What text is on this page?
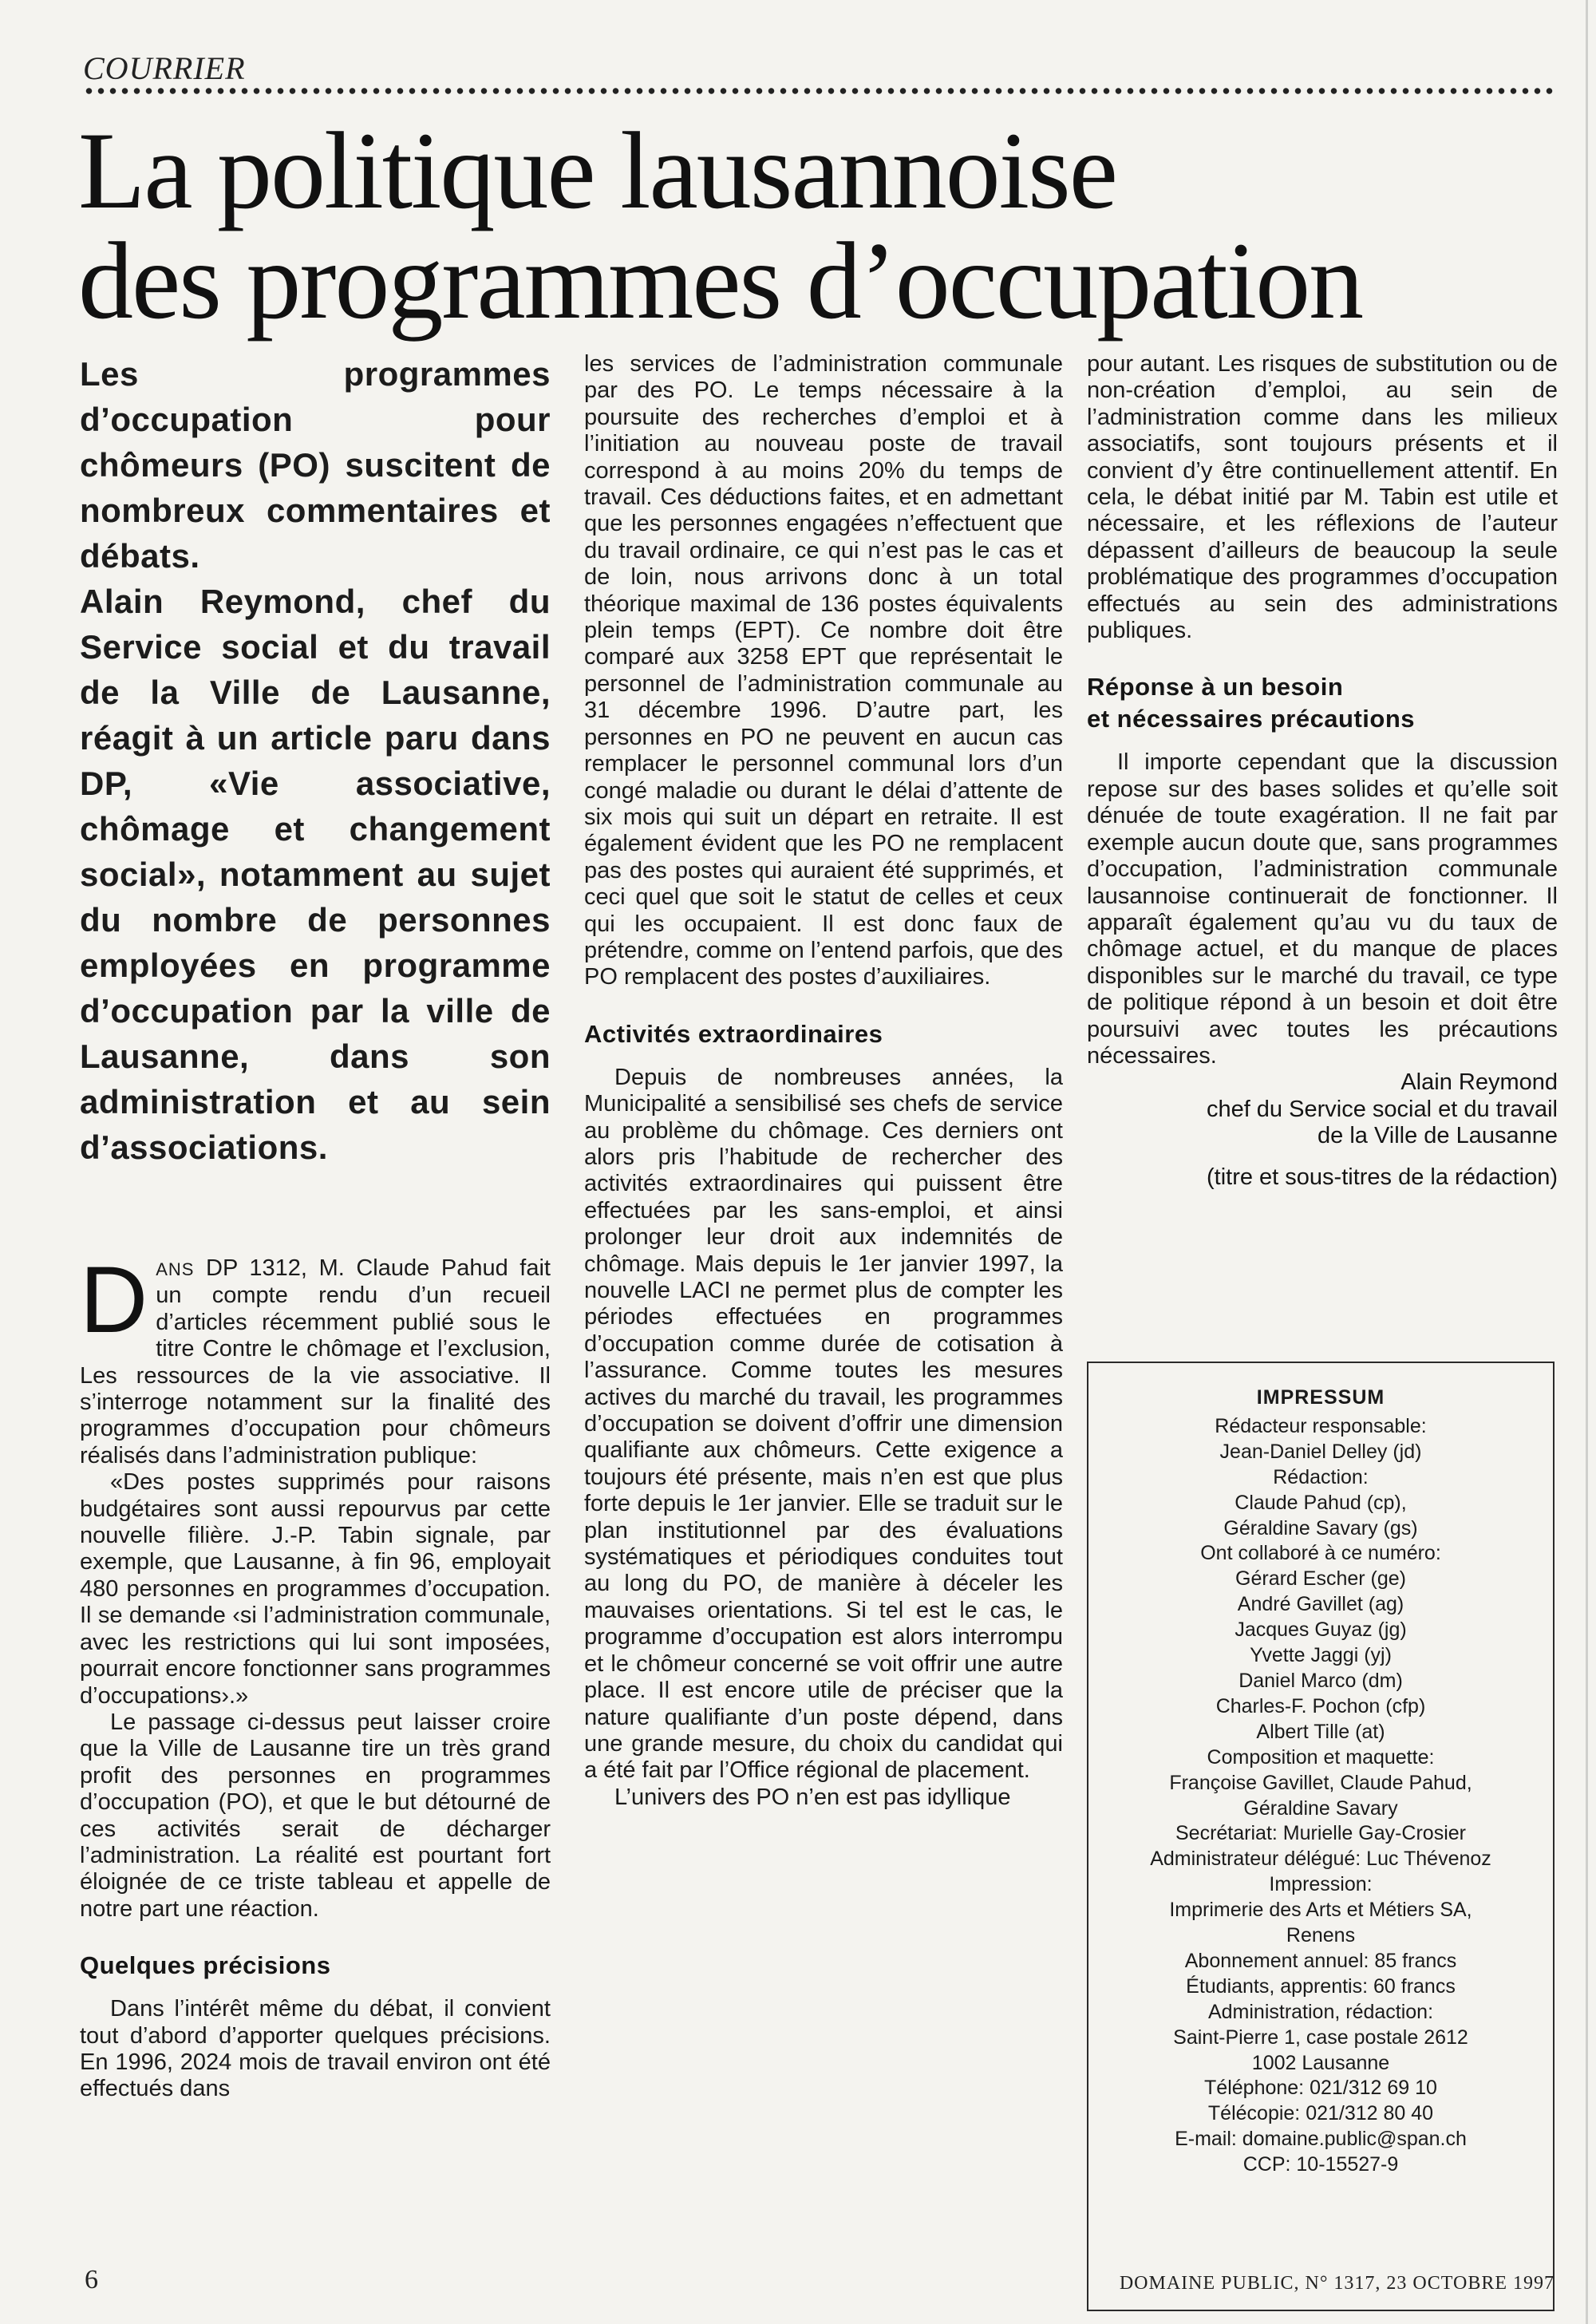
COURRIER
La politique lausannoise
des programmes d’occupation

Les programmes d’occupation pour chômeurs (PO) suscitent de nombreux commentaires et débats.

Alain Reymond, chef du Service social et du travail de la Ville de Lausanne, réagit à un article paru dans DP, «Vie associative, chômage et changement social», notamment au sujet du nombre de personnes employées en programme d’occupation par la ville de Lausanne, dans son administration et au sein d’associations.

DANS DP 1312, M. Claude Pahud fait un compte rendu d’un recueil d’articles récemment publié sous le titre Contre le chômage et l’exclusion, Les ressources de la vie associative. Il s’interroge notamment sur la finalité des programmes d’occupation pour chômeurs réalisés dans l’administration publique:

«Des postes supprimés pour raisons budgétaires sont aussi repourvus par cette nouvelle filière. J.-P. Tabin signale, par exemple, que Lausanne, à fin 96, employait 480 personnes en programmes d’occupation. Il se demande ‹si l’administration communale, avec les restrictions qui lui sont imposées, pourrait encore fonctionner sans programmes d’occupations›.»

Le passage ci-dessus peut laisser croire que la Ville de Lausanne tire un très grand profit des personnes en programmes d’occupation (PO), et que le but détourné de ces activités serait de décharger l’administration. La réalité est pourtant fort éloignée de ce triste tableau et appelle de notre part une réaction.

Quelques précisions

Dans l’intérêt même du débat, il convient tout d’abord d’apporter quelques précisions. En 1996, 2024 mois de travail environ ont été effectués dans

les services de l’administration communale par des PO. Le temps nécessaire à la poursuite des recherches d’emploi et à l’initiation au nouveau poste de travail correspond à au moins 20% du temps de travail. Ces déductions faites, et en admettant que les personnes engagées n’effectuent que du travail ordinaire, ce qui n’est pas le cas et de loin, nous arrivons donc à un total théorique maximal de 136 postes équivalents plein temps (EPT). Ce nombre doit être comparé aux 3258 EPT que représentait le personnel de l’administration communale au 31 décembre 1996. D’autre part, les personnes en PO ne peuvent en aucun cas remplacer le personnel communal lors d’un congé maladie ou durant le délai d’attente de six mois qui suit un départ en retraite. Il est également évident que les PO ne remplacent pas des postes qui auraient été supprimés, et ceci quel que soit le statut de celles et ceux qui les occupaient. Il est donc faux de prétendre, comme on l’entend parfois, que des PO remplacent des postes d’auxiliaires.

Activités extraordinaires

Depuis de nombreuses années, la Municipalité a sensibilisé ses chefs de service au problème du chômage. Ces derniers ont alors pris l’habitude de rechercher des activités extraordinaires qui puissent être effectuées par les sans-emploi, et ainsi prolonger leur droit aux indemnités de chômage. Mais depuis le 1er janvier 1997, la nouvelle LACI ne permet plus de compter les périodes effectuées en programmes d’occupation comme durée de cotisation à l’assurance. Comme toutes les mesures actives du marché du travail, les programmes d’occupation se doivent d’offrir une dimension qualifiante aux chômeurs. Cette exigence a toujours été présente, mais n’en est que plus forte depuis le 1er janvier. Elle se traduit sur le plan institutionnel par des évaluations systématiques et périodiques conduites tout au long du PO, de manière à déceler les mauvaises orientations. Si tel est le cas, le programme d’occupation est alors interrompu et le chômeur concerné se voit offrir une autre place. Il est encore utile de préciser que la nature qualifiante d’un poste dépend, dans une grande mesure, du choix du candidat qui a été fait par l’Office régional de placement.

L’univers des PO n’en est pas idyllique

pour autant. Les risques de substitution ou de non-création d’emploi, au sein de l’administration comme dans les milieux associatifs, sont toujours présents et il convient d’y être continuellement attentif. En cela, le débat initié par M. Tabin est utile et nécessaire, et les réflexions de l’auteur dépassent d’ailleurs de beaucoup la seule problématique des programmes d’occupation effectués au sein des administrations publiques.

Réponse à un besoin
et nécessaires précautions

Il importe cependant que la discussion repose sur des bases solides et qu’elle soit dénuée de toute exagération. Il ne fait par exemple aucun doute que, sans programmes d’occupation, l’administration communale lausannoise continuerait de fonctionner. Il apparaît également qu’au vu du taux de chômage actuel, et du manque de places disponibles sur le marché du travail, ce type de politique répond à un besoin et doit être poursuivi avec toutes les précautions nécessaires.

Alain Reymond
chef du Service social et du travail
de la Ville de Lausanne
(titre et sous-titres de la rédaction)
IMPRESSUM
Rédacteur responsable:
Jean-Daniel Delley (jd)
Rédaction:
Claude Pahud (cp),
Géraldine Savary (gs)
Ont collaboré à ce numéro:
Gérard Escher (ge)
André Gavillet (ag)
Jacques Guyaz (jg)
Yvette Jaggi (yj)
Daniel Marco (dm)
Charles-F. Pochon (cfp)
Albert Tille (at)
Composition et maquette:
Françoise Gavillet, Claude Pahud,
Géraldine Savary
Secrétariat: Murielle Gay-Crosier
Administrateur délégué: Luc Thévenoz
Impression:
Imprimerie des Arts et Métiers SA,
Renens
Abonnement annuel: 85 francs
Étudiants, apprentis: 60 francs
Administration, rédaction:
Saint-Pierre 1, case postale 2612
1002 Lausanne
Téléphone: 021/312 69 10
Télécopie: 021/312 80 40
E-mail: domaine.public@span.ch
CCP: 10-15527-9
6	DOMAINE PUBLIC, N° 1317, 23 OCTOBRE 1997
